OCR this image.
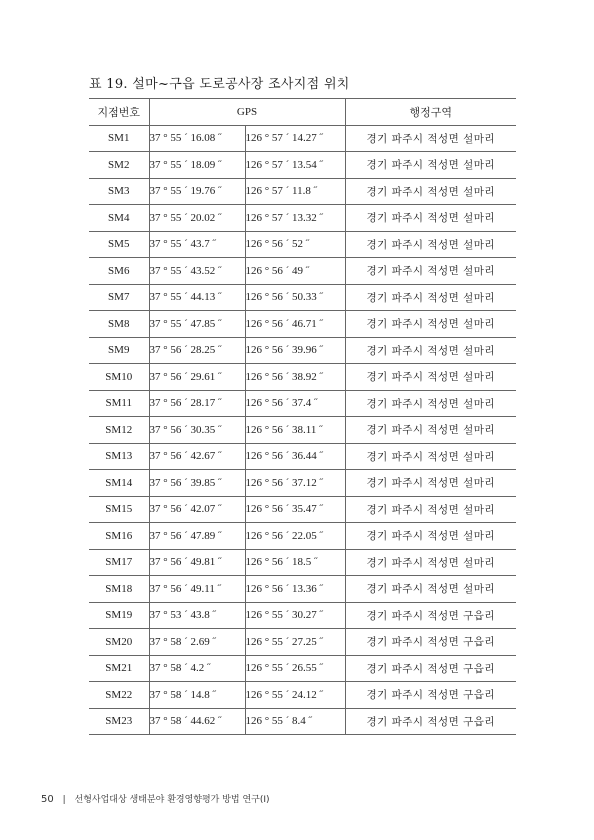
표 19. 설마~구읍 도로공사장 조사지점 위치
지점번호	GPS		행정구역
SM1	37 ° 55 ´ 16.08 ˝	126 ° 57 ´ 14.27 ˝	경기 파주시 적성면 설마리
SM2	37 ° 55 ´ 18.09 ˝	126 ° 57 ´ 13.54 ˝	경기 파주시 적성면 설마리
SM3	37 ° 55 ´ 19.76 ˝	126 ° 57 ´ 11.8 ˝	경기 파주시 적성면 설마리
SM4	37 ° 55 ´ 20.02 ˝	126 ° 57 ´ 13.32 ˝	경기 파주시 적성면 설마리
SM5	37 ° 55 ´ 43.7 ˝	126 ° 56 ´ 52 ˝	경기 파주시 적성면 설마리
SM6	37 ° 55 ´ 43.52 ˝	126 ° 56 ´ 49 ˝	경기 파주시 적성면 설마리
SM7	37 ° 55 ´ 44.13 ˝	126 ° 56 ´ 50.33 ˝	경기 파주시 적성면 설마리
SM8	37 ° 55 ´ 47.85 ˝	126 ° 56 ´ 46.71 ˝	경기 파주시 적성면 설마리
SM9	37 ° 56 ´ 28.25 ˝	126 ° 56 ´ 39.96 ˝	경기 파주시 적성면 설마리
SM10	37 ° 56 ´ 29.61 ˝	126 ° 56 ´ 38.92 ˝	경기 파주시 적성면 설마리
SM11	37 ° 56 ´ 28.17 ˝	126 ° 56 ´ 37.4 ˝	경기 파주시 적성면 설마리
SM12	37 ° 56 ´ 30.35 ˝	126 ° 56 ´ 38.11 ˝	경기 파주시 적성면 설마리
SM13	37 ° 56 ´ 42.67 ˝	126 ° 56 ´ 36.44 ˝	경기 파주시 적성면 설마리
SM14	37 ° 56 ´ 39.85 ˝	126 ° 56 ´ 37.12 ˝	경기 파주시 적성면 설마리
SM15	37 ° 56 ´ 42.07 ˝	126 ° 56 ´ 35.47 ˝	경기 파주시 적성면 설마리
SM16	37 ° 56 ´ 47.89 ˝	126 ° 56 ´ 22.05 ˝	경기 파주시 적성면 설마리
SM17	37 ° 56 ´ 49.81 ˝	126 ° 56 ´ 18.5 ˝	경기 파주시 적성면 설마리
SM18	37 ° 56 ´ 49.11 ˝	126 ° 56 ´ 13.36 ˝	경기 파주시 적성면 설마리
SM19	37 ° 53 ´ 43.8 ˝	126 ° 55 ´ 30.27 ˝	경기 파주시 적성면 구읍리
SM20	37 ° 58 ´ 2.69 ˝	126 ° 55 ´ 27.25 ˝	경기 파주시 적성면 구읍리
SM21	37 ° 58 ´ 4.2 ˝	126 ° 55 ´ 26.55 ˝	경기 파주시 적성면 구읍리
SM22	37 ° 58 ´ 14.8 ˝	126 ° 55 ´ 24.12 ˝	경기 파주시 적성면 구읍리
SM23	37 ° 58 ´ 44.62 ˝	126 ° 55 ´ 8.4 ˝	경기 파주시 적성면 구읍리
50 | 선형사업대상 생태분야 환경영향평가 방법 연구(Ⅰ)
